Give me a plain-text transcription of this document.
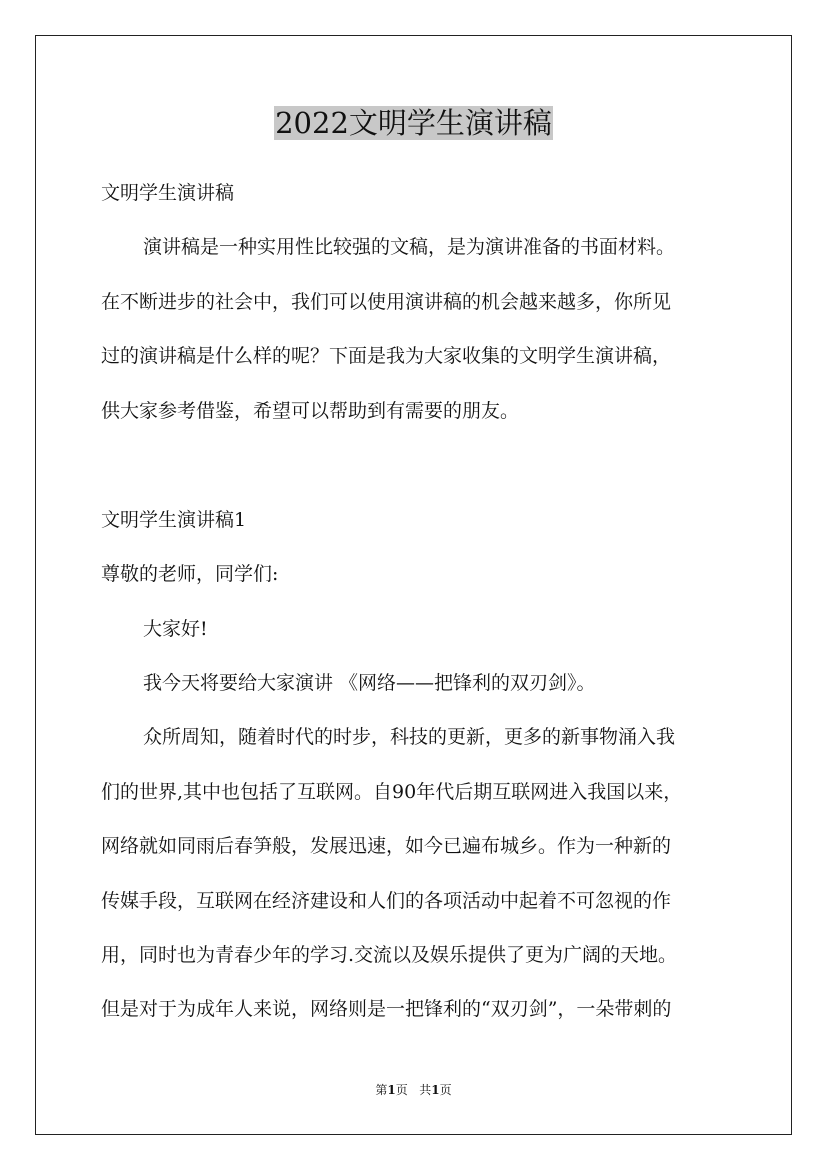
2022文明学生演讲稿

文明学生演讲稿

演讲稿是一种实用性比较强的文稿，是为演讲准备的书面材料。

在不断进步的社会中，我们可以使用演讲稿的机会越来越多，你所见

过的演讲稿是什么样的呢？下面是我为大家收集的文明学生演讲稿，

供大家参考借鉴，希望可以帮助到有需要的朋友。

文明学生演讲稿1

尊敬的老师，同学们:

大家好!

我今天将要给大家演讲 《网络——把锋利的双刃剑》。

众所周知，随着时代的时步，科技的更新，更多的新事物涌入我

们的世界,其中也包括了互联网。自90年代后期互联网进入我国以来，

网络就如同雨后春笋般，发展迅速，如今已遍布城乡。作为一种新的

传媒手段，互联网在经济建设和人们的各项活动中起着不可忽视的作

用，同时也为青春少年的学习.交流以及娱乐提供了更为广阔的天地。

但是对于为成年人来说，网络则是一把锋利的“双刃剑”，一朵带刺的

第1页 共1页
